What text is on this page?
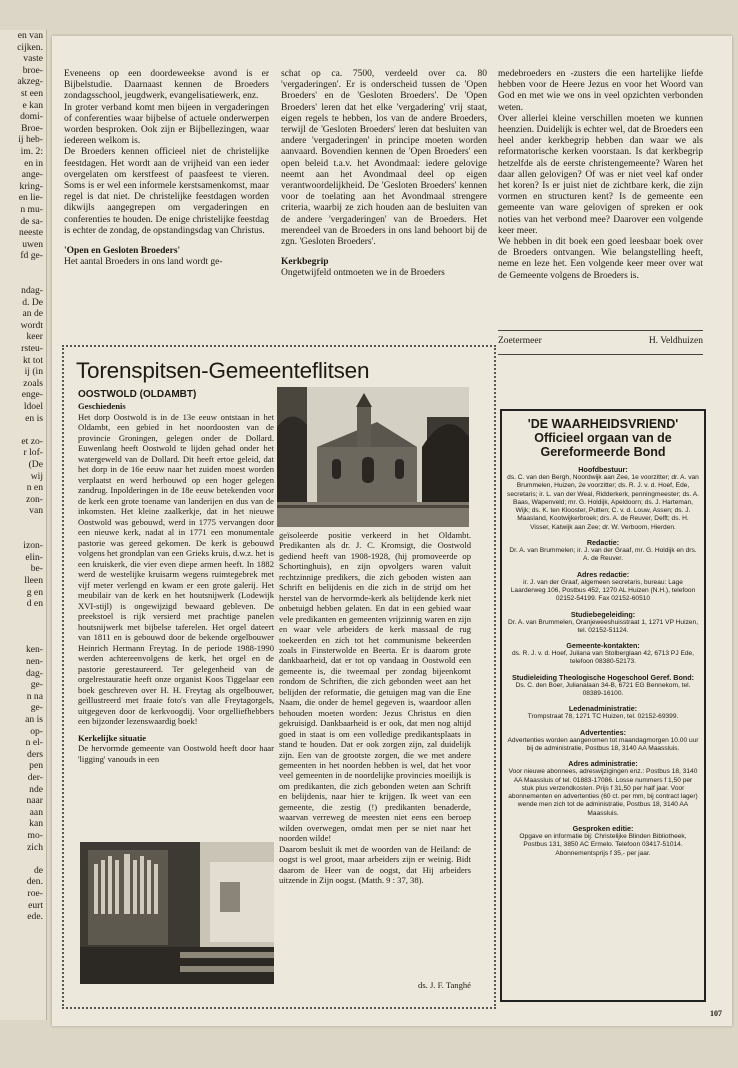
en van
cijken.
vaste
broe-
akzeg-
st een
e kan
domi-
Broe-
ij heb-
im. 2:
en in
ange-
kring-
en lie-
n mu-
de sa-
neeste
uwen
fd ge-

ndag-
d. De
an de
wordt
keer
rsteu-
kt tot
ij (in
zoals
enge-
ldoel
en is

et zo-
r lof-
(De
wij
n en
zon-
van

izon-
elin-
be-
lleen
g en
d en

ken-
nen-
dag-
ge-
n na
ge-
an is
op-
n el-
ders
pen
der-
nde
naar
aan
kan
mo-
zich

de
den.
roe-
eurt
ede.

Eveneens op een doordeweekse avond is er Bijbelstudie. Daarnaast kennen de Broeders zondagsschool, jeugdwerk, evangelisatiewerk, enz.

In groter verband komt men bijeen in vergaderingen of conferenties waar bijbelse of actuele onderwerpen worden besproken. Ook zijn er Bijbellezingen, waar iedereen welkom is.

De Broeders kennen officieel niet de christelijke feestdagen. Het wordt aan de vrijheid van een ieder overgelaten om kerstfeest of paasfeest te vieren. Soms is er wel een informele kerstsamenkomst, maar regel is dat niet. De christelijke feestdagen worden dikwijls aangegrepen om vergaderingen en conferenties te houden. De enige christelijke feestdag is echter de zondag, de opstandingsdag van Christus.

'Open en Gesloten Broeders'

Het aantal Broeders in ons land wordt ge-

schat op ca. 7500, verdeeld over ca. 80 'vergaderingen'. Er is onderscheid tussen de 'Open Broeders' en de 'Gesloten Broeders'. De 'Open Broeders' leren dat het elke 'vergadering' vrij staat, eigen regels te hebben, los van de andere Broeders, terwijl de 'Gesloten Broeders' leren dat besluiten van andere 'vergaderingen' in principe moeten worden aanvaard. Bovendien kennen de 'Open Broeders' een open beleid t.a.v. het Avondmaal: iedere gelovige neemt aan het Avondmaal deel op eigen verantwoordelijkheid. De 'Gesloten Broeders' kennen voor de toelating aan het Avondmaal strengere criteria, waarbij ze zich houden aan de besluiten van de andere 'vergaderingen' van de Broeders. Het merendeel van de Broeders in ons land behoort bij de zgn. 'Gesloten Broeders'.

Kerkbegrip

Ongetwijfeld ontmoeten we in de Broeders

medebroeders en -zusters die een hartelijke liefde hebben voor de Heere Jezus en voor het Woord van God en met wie we ons in veel opzichten verbonden weten.

Over allerlei kleine verschillen moeten we kunnen heenzien. Duidelijk is echter wel, dat de Broeders een heel ander kerkbegrip hebben dan waar we als reformatorische kerken voorstaan. Is dat kerkbegrip hetzelfde als de eerste christengemeente? Waren het daar allen gelovigen? Of was er niet veel kaf onder het koren? Is er juist niet de zichtbare kerk, die zijn vormen en structuren kent? Is de gemeente een gemeente van ware gelovigen of spreken er ook noties van het verbond mee? Daarover een volgende keer meer.

We hebben in dit boek een goed leesbaar boek over de Broeders ontvangen. Wie belangstelling heeft, neme en leze het. Een volgende keer meer over wat de Gemeente volgens de Broeders is.

Zoetermeer	H. Veldhuizen
Torenspitsen-Gemeenteflitsen
OOSTWOLD (OLDAMBT)

Geschiedenis

Het dorp Oostwold is in de 13e eeuw ontstaan in het Oldambt, een gebied in het noordoosten van de provincie Groningen, gelegen onder de Dollard. Euwenlang heeft Oostwold te lijden gehad onder het watergeweld van de Dollard. Dit heeft ertoe geleid, dat het dorp in de 16e eeuw naar het zuiden moest worden verplaatst en werd herbouwd op een hoger gelegen zandrug. Inpolderingen in de 18e eeuw betekenden voor de kerk een grote toename van landerijen en dus van de inkomsten. Het kleine zaalkerkje, dat in het nieuwe Oostwold was gebouwd, werd in 1775 vervangen door een nieuwe kerk, nadat al in 1771 een monumentale pastorie was gereed gekomen. De kerk is gebouwd volgens het grondplan van een Grieks kruis, d.w.z. het is een kruiskerk, die vier even diepe armen heeft. In 1882 werd de westelijke kruisarm wegens ruimtegebrek met vijf meter verlengd en kwam er een grote galerij. Het meubilair van de kerk en het houtsnijwerk (Lodewijk XVI-stijl) is ongewijzigd bewaard gebleven. De preekstoel is rijk versierd met prachtige panelen houtsnijwerk met bijbelse taferelen. Het orgel dateert van 1811 en is gebouwd door de bekende orgelbouwer Heinrich Hermann Freytag. In de periode 1988-1990 werden achtereenvolgens de kerk, het orgel en de pastorie gerestaureerd. Ter gelegenheid van de orgelrestauratie heeft onze organist Koos Tiggelaar een boek geschreven over H. H. Freytag als orgelbouwer, geïllustreerd met fraaie foto's van alle Freytagorgels, uitgegeven door de kerkvoogdij. Voor orgelliefhebbers een bijzonder lezenswaardig boek!

Kerkelijke situatie

De hervormde gemeente van Oostwold heeft door haar 'ligging' vanouds in een

geïsoleerde positie verkeerd in het Oldambt. Predikanten als dr. J. C. Kromsigt, die Oostwold gediend heeft van 1908-1928, (hij promoveerde op Schortinghuis), en zijn opvolgers waren valuit rechtzinnige predikers, die zich geboden wisten aan Schrift en belijdenis en die zich in de strijd om het herstel van de hervormde-kerk als belijdende kerk niet onbetuigd hebben gelaten. En dat in een gebied waar vele predikanten en gemeenten vrijzinnig waren en zijn en waar vele arbeiders de kerk massaal de rug toekeerden en zich tot het communisme bekeerden zoals in Finsterwolde en Beerta. Er is daarom grote dankbaarheid, dat er tot op vandaag in Oostwold een gemeente is, die tweemaal per zondag bijeenkomt rondom de Schriften, die zich gebonden weet aan het belijden der reformatie, die getuigen mag van die Ene Naam, die onder de hemel gegeven is, waardoor allen behouden moeten worden: Jezus Christus en dien gekruisigd. Dankbaarheid is er ook, dat men nog altijd goed in staat is om een volledige predikantsplaats in stand te houden. Dat er ook zorgen zijn, zal duidelijk zijn. Een van de grootste zorgen, die we met andere gemeenten in het noorden hebben is wel, dat het voor veel gemeenten in de noordelijke provincies moeilijk is om predikanten, die zich gebonden weten aan Schrift en belijdenis, naar hier te krijgen. Ik weet van een gemeente, die zestig (!) predikanten benaderde, waarvan verreweg de meesten niet eens een beroep wilden overwegen, omdat men per se niet naar het noorden wilde!

Daarom besluit ik met de woorden van de Heiland: de oogst is wel groot, maar arbeiders zijn er weinig. Bidt daarom de Heer van de oogst, dat Hij arbeiders uitzende in Zijn oogst. (Matth. 9 : 37, 38).

ds. J. F. Tanghé
'DE WAARHEIDSVRIEND'
Officieel orgaan van de Gereformeerde Bond
Hoofdbestuur:
ds. C. van den Bergh, Noordwijk aan Zee, 1e voorzitter; dr. A. van Brummelen, Huizen, 2e voorzitter; ds. R. J. v. d. Hoef, Ede, secretaris; ir. L. van der Weal, Ridderkerk, penningmeester; ds. A. Baas, Wapenveld; mr. G. Holdijk, Apeldoorn; ds. J. Harteman, Wijk; ds. K. ten Klooster, Putten; C. v. d. Louw, Assen; ds. J. Maasland, Kootwijkerbroek; drs. A. de Reuver, Delft; ds. H. Visser, Katwijk aan Zee; dr. W. Verboom, Hierden.
Redactie:
Dr. A. van Brummelen; ir. J. van der Graaf, mr. G. Holdijk en drs. A. de Reuver.
Adres redactie:
ir. J. van der Graaf, algemeen secretaris, bureau: Lage Laarderweg 106, Postbus 452, 1270 AL Huizen (N.H.), telefoon 02152-54199. Fax 02152-60510
Studiebegeleiding:
Dr. A. van Brummelen, Oranjeweeshuisstraat 1, 1271 VP Huizen, tel. 02152-51124.
Gemeente-kontakten:
ds. R. J. v. d. Hoef, Juliana van Stolberglaan 42, 6713 PJ Ede, telefoon 08380-52173.
Studieleiding Theologische Hogeschool Geref. Bond:
Ds. C. den Boer, Julianalaan 34-B, 6721 EG Bennekom, tel. 08389-16100.
Ledenadministratie:
Trompstraat 78, 1271 TC Huizen, tel. 02152-69399.
Advertenties:
Advertenties worden aangenomen tot maandagmorgen 10.00 uur bij de administratie, Postbus 18, 3140 AA Maassluis.
Adres administratie:
Voor nieuwe abonnees, adreswijzigingen enz.: Postbus 18, 3140 AA Maassluis of tel. 01883-17086. Losse nummers f 1,50 per stuk plus verzendkosten. Prijs f 31,50 per half jaar. Voor abonnementen en advertenties (60 ct. per mm, bij contract lager) wende men zich tot de administratie, Postbus 18, 3140 AA Maassluis.
Gesproken editie:
Opgave en informatie bij: Christelijke Blinden Bibliotheek, Postbus 131, 3850 AC Ermelo. Telefoon 03417-51014. Abonnementsprijs f 35,- per jaar.
107
